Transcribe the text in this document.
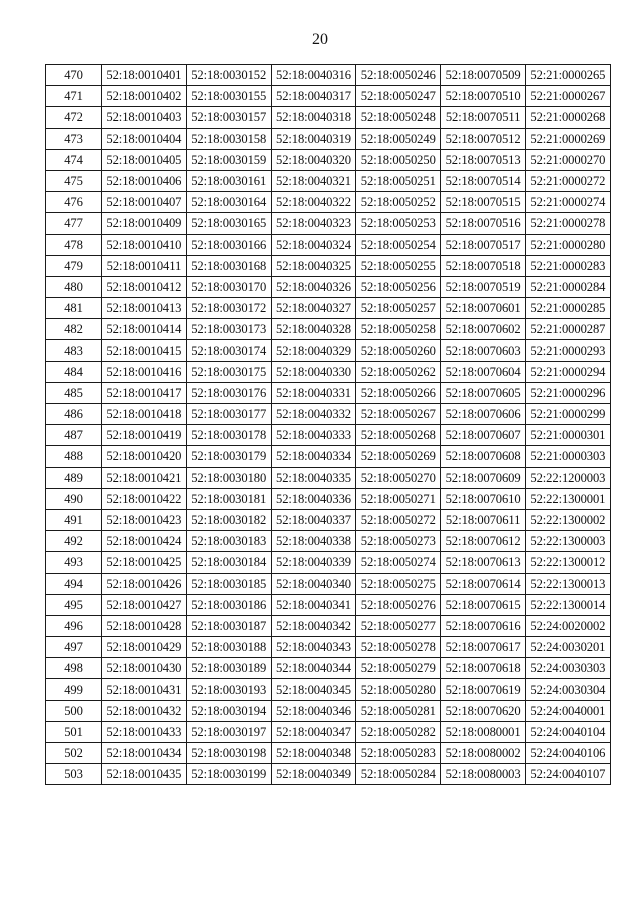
20
470	52:18:0010401	52:18:0030152	52:18:0040316	52:18:0050246	52:18:0070509	52:21:0000265
471	52:18:0010402	52:18:0030155	52:18:0040317	52:18:0050247	52:18:0070510	52:21:0000267
472	52:18:0010403	52:18:0030157	52:18:0040318	52:18:0050248	52:18:0070511	52:21:0000268
473	52:18:0010404	52:18:0030158	52:18:0040319	52:18:0050249	52:18:0070512	52:21:0000269
474	52:18:0010405	52:18:0030159	52:18:0040320	52:18:0050250	52:18:0070513	52:21:0000270
475	52:18:0010406	52:18:0030161	52:18:0040321	52:18:0050251	52:18:0070514	52:21:0000272
476	52:18:0010407	52:18:0030164	52:18:0040322	52:18:0050252	52:18:0070515	52:21:0000274
477	52:18:0010409	52:18:0030165	52:18:0040323	52:18:0050253	52:18:0070516	52:21:0000278
478	52:18:0010410	52:18:0030166	52:18:0040324	52:18:0050254	52:18:0070517	52:21:0000280
479	52:18:0010411	52:18:0030168	52:18:0040325	52:18:0050255	52:18:0070518	52:21:0000283
480	52:18:0010412	52:18:0030170	52:18:0040326	52:18:0050256	52:18:0070519	52:21:0000284
481	52:18:0010413	52:18:0030172	52:18:0040327	52:18:0050257	52:18:0070601	52:21:0000285
482	52:18:0010414	52:18:0030173	52:18:0040328	52:18:0050258	52:18:0070602	52:21:0000287
483	52:18:0010415	52:18:0030174	52:18:0040329	52:18:0050260	52:18:0070603	52:21:0000293
484	52:18:0010416	52:18:0030175	52:18:0040330	52:18:0050262	52:18:0070604	52:21:0000294
485	52:18:0010417	52:18:0030176	52:18:0040331	52:18:0050266	52:18:0070605	52:21:0000296
486	52:18:0010418	52:18:0030177	52:18:0040332	52:18:0050267	52:18:0070606	52:21:0000299
487	52:18:0010419	52:18:0030178	52:18:0040333	52:18:0050268	52:18:0070607	52:21:0000301
488	52:18:0010420	52:18:0030179	52:18:0040334	52:18:0050269	52:18:0070608	52:21:0000303
489	52:18:0010421	52:18:0030180	52:18:0040335	52:18:0050270	52:18:0070609	52:22:1200003
490	52:18:0010422	52:18:0030181	52:18:0040336	52:18:0050271	52:18:0070610	52:22:1300001
491	52:18:0010423	52:18:0030182	52:18:0040337	52:18:0050272	52:18:0070611	52:22:1300002
492	52:18:0010424	52:18:0030183	52:18:0040338	52:18:0050273	52:18:0070612	52:22:1300003
493	52:18:0010425	52:18:0030184	52:18:0040339	52:18:0050274	52:18:0070613	52:22:1300012
494	52:18:0010426	52:18:0030185	52:18:0040340	52:18:0050275	52:18:0070614	52:22:1300013
495	52:18:0010427	52:18:0030186	52:18:0040341	52:18:0050276	52:18:0070615	52:22:1300014
496	52:18:0010428	52:18:0030187	52:18:0040342	52:18:0050277	52:18:0070616	52:24:0020002
497	52:18:0010429	52:18:0030188	52:18:0040343	52:18:0050278	52:18:0070617	52:24:0030201
498	52:18:0010430	52:18:0030189	52:18:0040344	52:18:0050279	52:18:0070618	52:24:0030303
499	52:18:0010431	52:18:0030193	52:18:0040345	52:18:0050280	52:18:0070619	52:24:0030304
500	52:18:0010432	52:18:0030194	52:18:0040346	52:18:0050281	52:18:0070620	52:24:0040001
501	52:18:0010433	52:18:0030197	52:18:0040347	52:18:0050282	52:18:0080001	52:24:0040104
502	52:18:0010434	52:18:0030198	52:18:0040348	52:18:0050283	52:18:0080002	52:24:0040106
503	52:18:0010435	52:18:0030199	52:18:0040349	52:18:0050284	52:18:0080003	52:24:0040107
